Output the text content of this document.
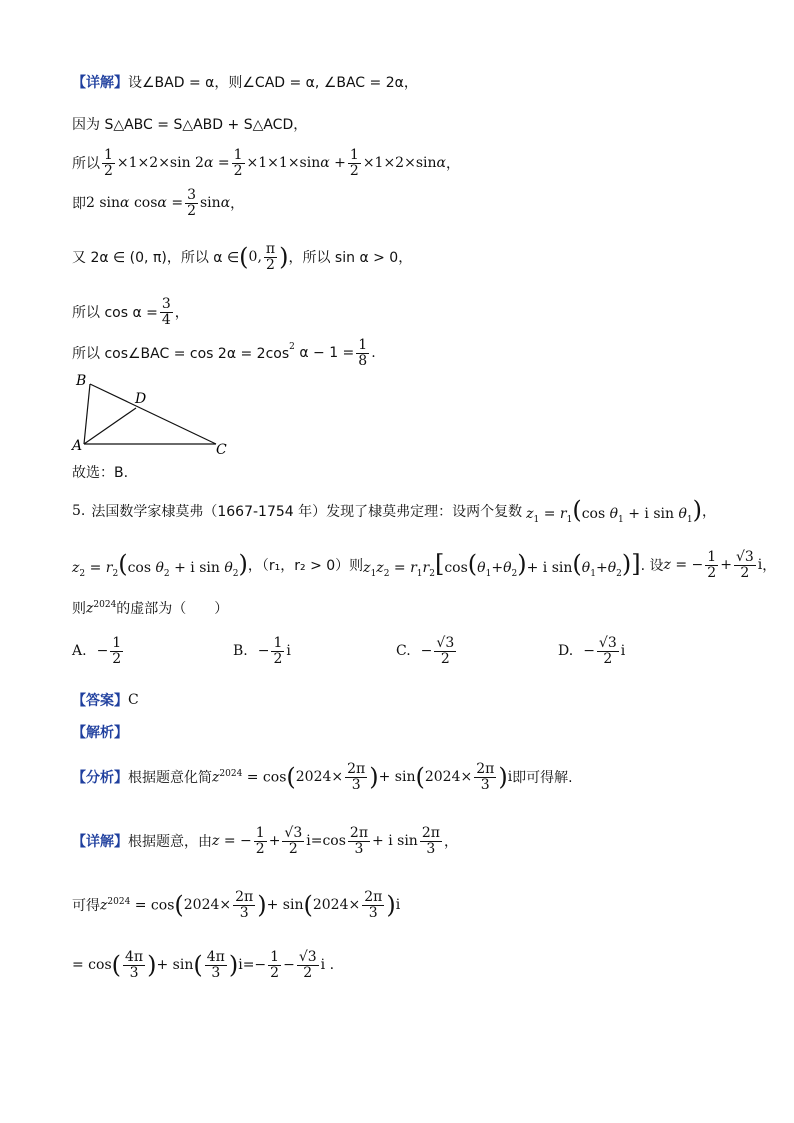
【详解】 设∠BAD = α，则∠CAD = α, ∠BAC = 2α，
因为 S△ABC = S△ABD + S△ACD，
所以 $\frac{1}{2} \times 1\times 2\times\sin$ 2 $\alpha = \frac{1}{2} \times 1\times 1\times\sin$ $\alpha + \frac{1}{2} \times 1\times 2\times\sin$ α ，
即 2 sin α $\cos \alpha = \frac{3}{2}$ sin α ，
又 2α ∈ (0, π)，所以 α ∈ ( 0, $\frac{\pi}{2}$ ) ，所以 sin α > 0，
所以 $\cos \alpha = \frac{3}{4}$ ，
所以 cos∠BAC = $\cos 2\alpha = 2\cos^2$
$\alpha - 1 = \frac{1}{8}$ .
B
D
A	C
故选：B.
5. 法国数学家棣莫弗（1667-1754 年）发现了棣莫弗定理：设两个复数 $z_1 = r_1(\cos$ $\theta_1 + i$ $\sin \theta_1$) ，
$z_2 = r_2(\cos$ $\theta_2 + i$ $\sin \theta_2$) ，（r₁，r₂ > 0）则 $z_1z_2 = r_1r_2[\cos(\theta_1+\theta_2)+ i$ $\sin(\theta_1+\theta_2)$] . 设 z = − $\frac{1}{2} + \frac{√3}{2}$ i ，
则 $z^{2024}$ 的虚部为（　　）
A. − $\frac{1}{2}$	B. − $\frac{1}{2}$ i	C. − $\frac{√3}{2}$	D. − $\frac{√3}{2}$ i
【答案】 C
【解析】
【分析】 根据题意化简 $z^{2024} = \cos$ ( $2024\times \frac{2\pi}{3}$ ) + sin ( $2024\times \frac{2\pi}{3}$ ) i 即可得解.
【详解】 根据题意，由 z = − $\frac{1}{2} + \frac{√3}{2} i=\cos \frac{2\pi}{3} + i$ $\sin \frac{2\pi}{3}$ ，
可得 $z^{2024} = \cos$ ( $2024\times \frac{2\pi}{3}$ ) + sin ( $2024\times \frac{2\pi}{3}$ ) i
= cos ( $\frac{4\pi}{3}$ ) + sin ( $\frac{4\pi}{3}$ ) $i=- \frac{1}{2} - \frac{√3}{2}$ i .
